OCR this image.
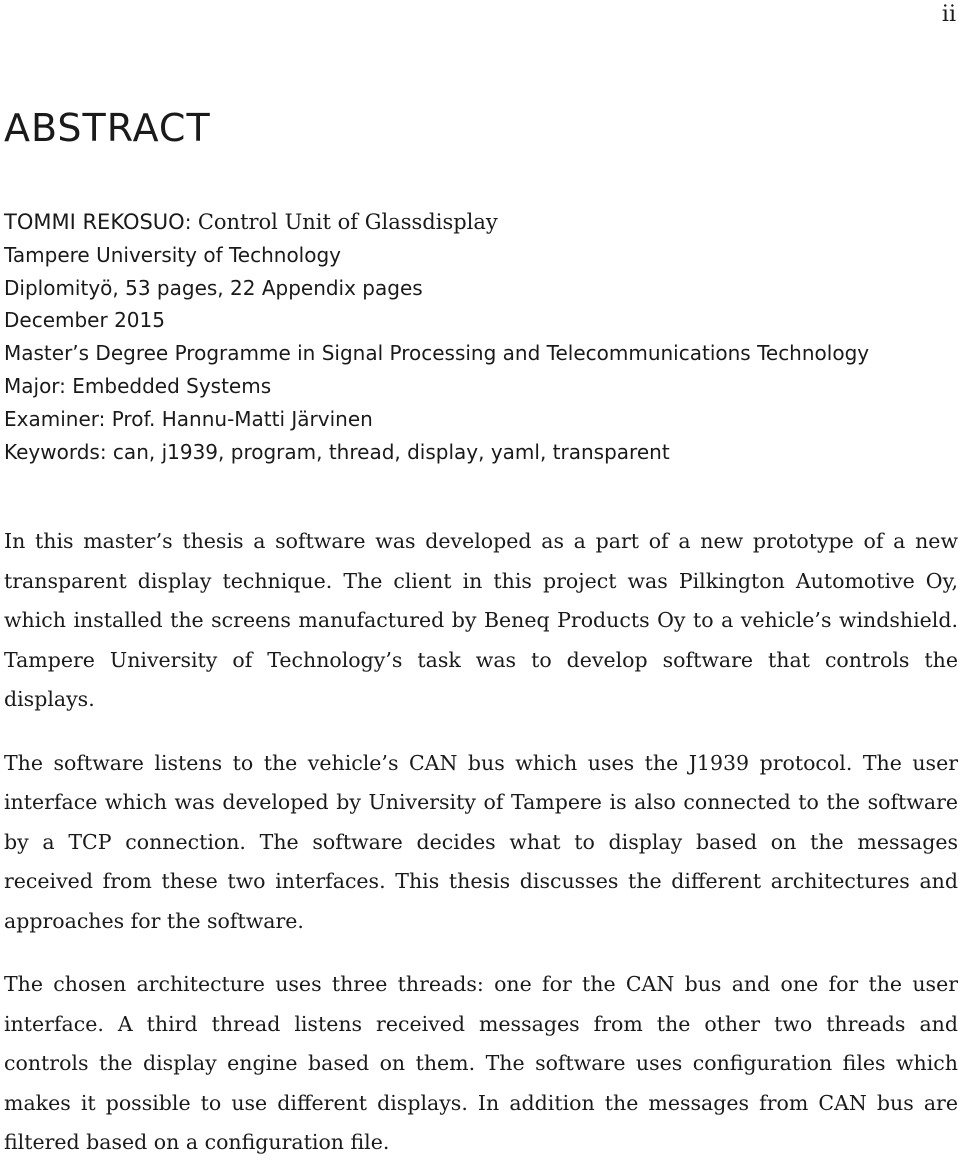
ii
ABSTRACT
TOMMI REKOSUO: Control Unit of Glassdisplay
Tampere University of Technology
Diplomityö, 53 pages, 22 Appendix pages
December 2015
Master’s Degree Programme in Signal Processing and Telecommunications Technology
Major: Embedded Systems
Examiner: Prof. Hannu-Matti Järvinen
Keywords: can, j1939, program, thread, display, yaml, transparent

In this master’s thesis a software was developed as a part of a new prototype of a new transparent display technique. The client in this project was Pilkington Automotive Oy, which installed the screens manufactured by Beneq Products Oy to a vehicle’s windshield. Tampere University of Technology’s task was to develop software that controls the displays.

The software listens to the vehicle’s CAN bus which uses the J1939 protocol. The user interface which was developed by University of Tampere is also connected to the software by a TCP connection. The software decides what to display based on the messages received from these two interfaces. This thesis discusses the different architectures and approaches for the software.

The chosen architecture uses three threads: one for the CAN bus and one for the user interface. A third thread listens received messages from the other two threads and controls the display engine based on them. The software uses configuration files which makes it possible to use different displays. In addition the messages from CAN bus are filtered based on a configuration file.
